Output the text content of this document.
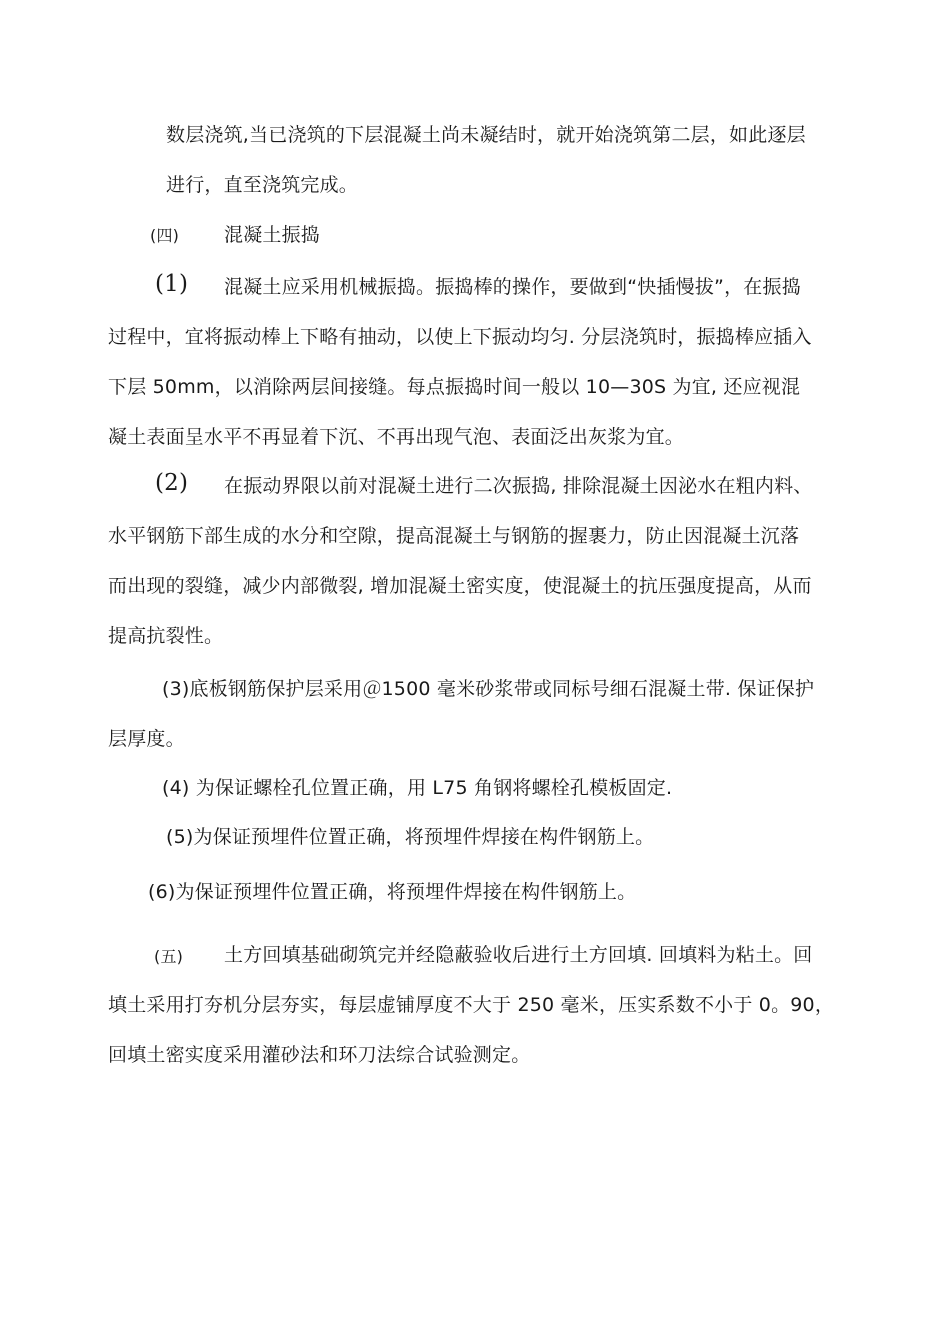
数层浇筑,当已浇筑的下层混凝土尚未凝结时，就开始浇筑第二层，如此逐层
进行，直至浇筑完成。
(四) 混凝土振捣
(1) 混凝土应采用机械振捣。振捣棒的操作，要做到“快插慢拔”，在振捣
过程中，宜将振动棒上下略有抽动，以使上下振动均匀. 分层浇筑时，振捣棒应插入
下层 50mm，以消除两层间接缝。每点振捣时间一般以 10—30S 为宜, 还应视混
凝土表面呈水平不再显着下沉、不再出现气泡、表面泛出灰浆为宜。
(2) 在振动界限以前对混凝土进行二次振捣, 排除混凝土因泌水在粗内料、
水平钢筋下部生成的水分和空隙，提高混凝土与钢筋的握裹力，防止因混凝土沉落
而出现的裂缝，减少内部微裂, 增加混凝土密实度，使混凝土的抗压强度提高，从而
提高抗裂性。
(3)底板钢筋保护层采用＠1500 毫米砂浆带或同标号细石混凝土带. 保证保护
层厚度。
(4) 为保证螺栓孔位置正确，用 L75 角钢将螺栓孔模板固定.
(5)为保证预埋件位置正确，将预埋件焊接在构件钢筋上。
(6)为保证预埋件位置正确，将预埋件焊接在构件钢筋上。
(五) 土方回填基础砌筑完并经隐蔽验收后进行土方回填. 回填料为粘土。回
填土采用打夯机分层夯实，每层虚铺厚度不大于 250 毫米，压实系数不小于 0。90，
回填土密实度采用灌砂法和环刀法综合试验测定。
